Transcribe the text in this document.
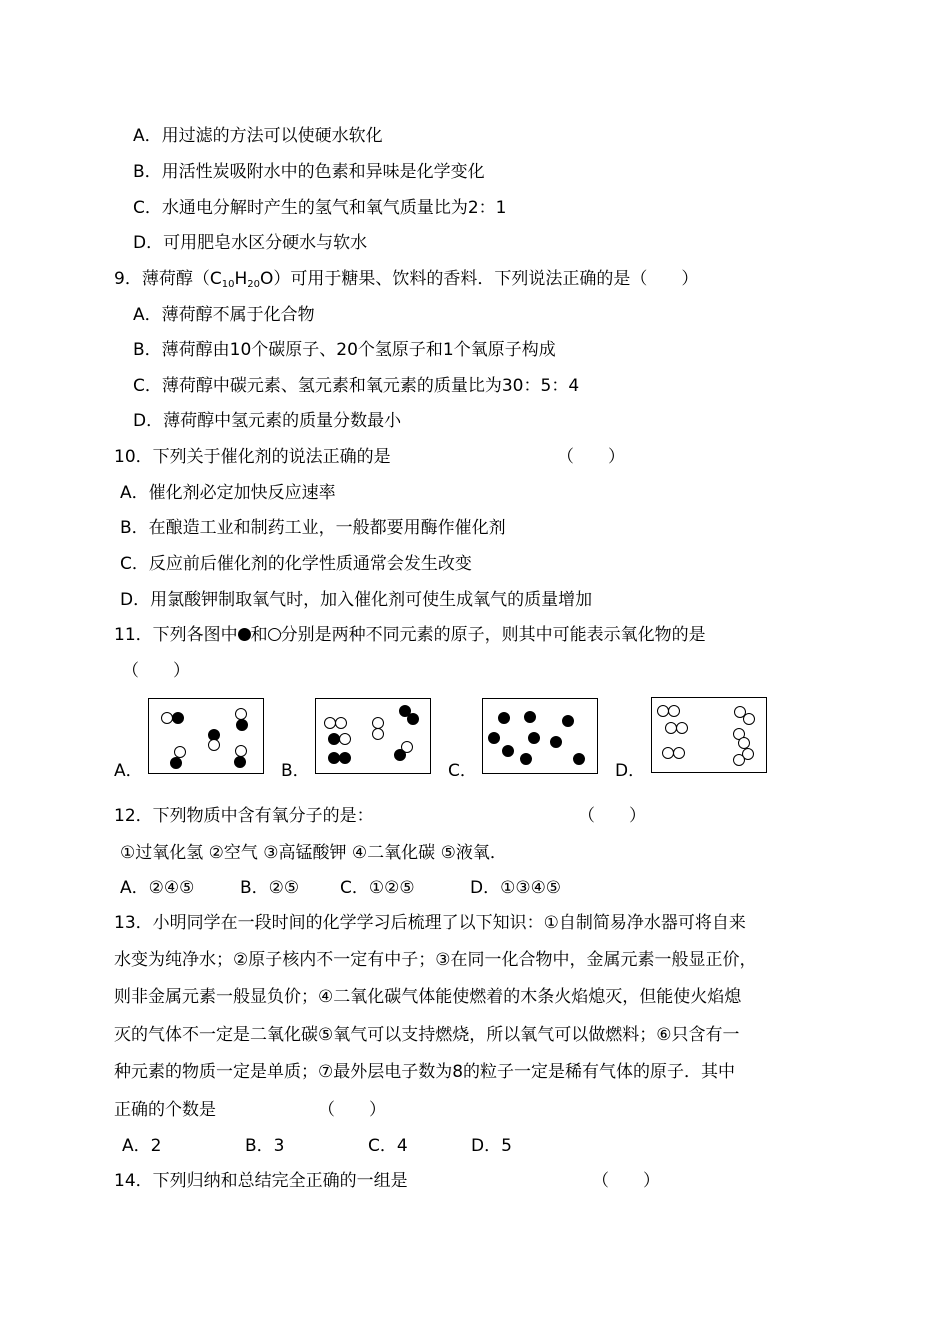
A．用过滤的方法可以使硬水软化
B．用活性炭吸附水中的色素和异味是化学变化
C．水通电分解时产生的氢气和氧气质量比为2：1
D．可用肥皂水区分硬水与软水
9．薄荷醇$(C_{10}H_{20}O)$可用于糖果、饮料的香料．下列说法正确的是（　　）
A．薄荷醇不属于化合物
B．薄荷醇由10个碳原子、20个氢原子和1个氧原子构成
C．薄荷醇中碳元素、氢元素和氧元素的质量比为30：5：4
D．薄荷醇中氢元素的质量分数最小
10．下列关于催化剂的说法正确的是	（　　）
A．催化剂必定加快反应速率
B．在酿造工业和制药工业，一般都要用酶作催化剂
C．反应前后催化剂的化学性质通常会发生改变
D．用氯酸钾制取氧气时，加入催化剂可使生成氧气的质量增加
11．下列各图中 和 分别是两种不同元素的原子，则其中可能表示氧化物的是
（　　）
A．	B．	C．	D．
12．下列物质中含有氧分子的是：	（　　）
①过氧化氢 ②空气 ③高锰酸钾 ④二氧化碳 ⑤液氧．
A．②④⑤	B．②⑤ C．①②⑤	D．①③④⑤
13．小明同学在一段时间的化学学习后梳理了以下知识：①自制简易净水器可将自来
水变为纯净水；②原子核内不一定有中子；③在同一化合物中，金属元素一般显正价，
则非金属元素一般显负价；④二氧化碳气体能使燃着的木条火焰熄灭，但能使火焰熄
灭的气体不一定是二氧化碳⑤氧气可以支持燃烧，所以氧气可以做燃料；⑥只含有一
种元素的物质一定是单质；⑦最外层电子数为8的粒子一定是稀有气体的原子．其中
正确的个数是	（　　）
A．2	B．3	C．4	D．5
14．下列归纳和总结完全正确的一组是	（　　）
